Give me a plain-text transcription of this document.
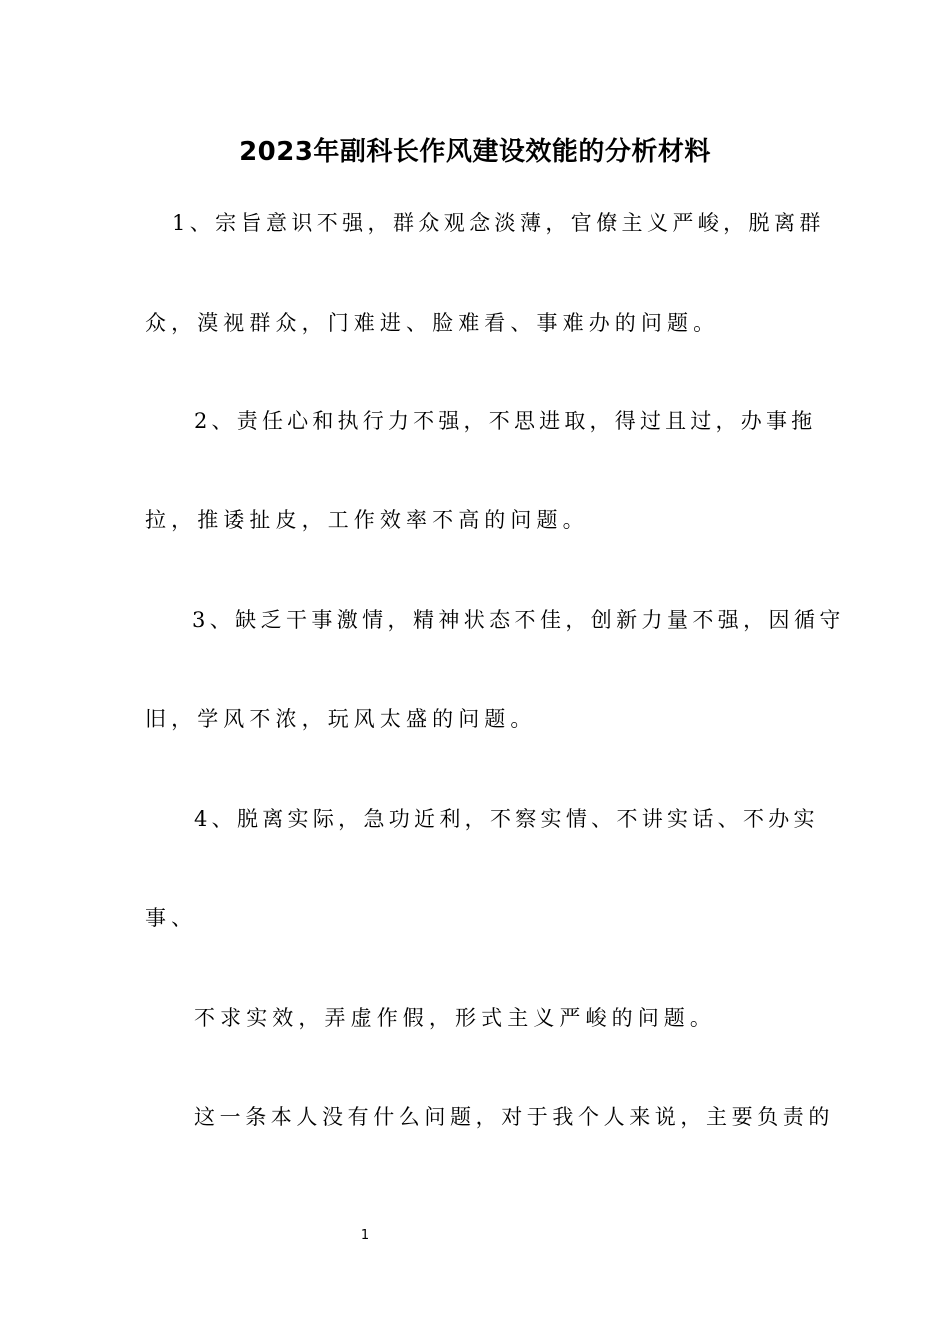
2023年副科长作风建设效能的分析材料
1、宗旨意识不强，群众观念淡薄，官僚主义严峻，脱离群
众，漠视群众，门难进、脸难看、事难办的问题。
2、责任心和执行力不强，不思进取，得过且过，办事拖
拉，推诿扯皮，工作效率不高的问题。
3、缺乏干事激情，精神状态不佳，创新力量不强，因循守
旧，学风不浓，玩风太盛的问题。
4、脱离实际，急功近利，不察实情、不讲实话、不办实
事、
不求实效，弄虚作假，形式主义严峻的问题。
这一条本人没有什么问题，对于我个人来说，主要负责的
1
